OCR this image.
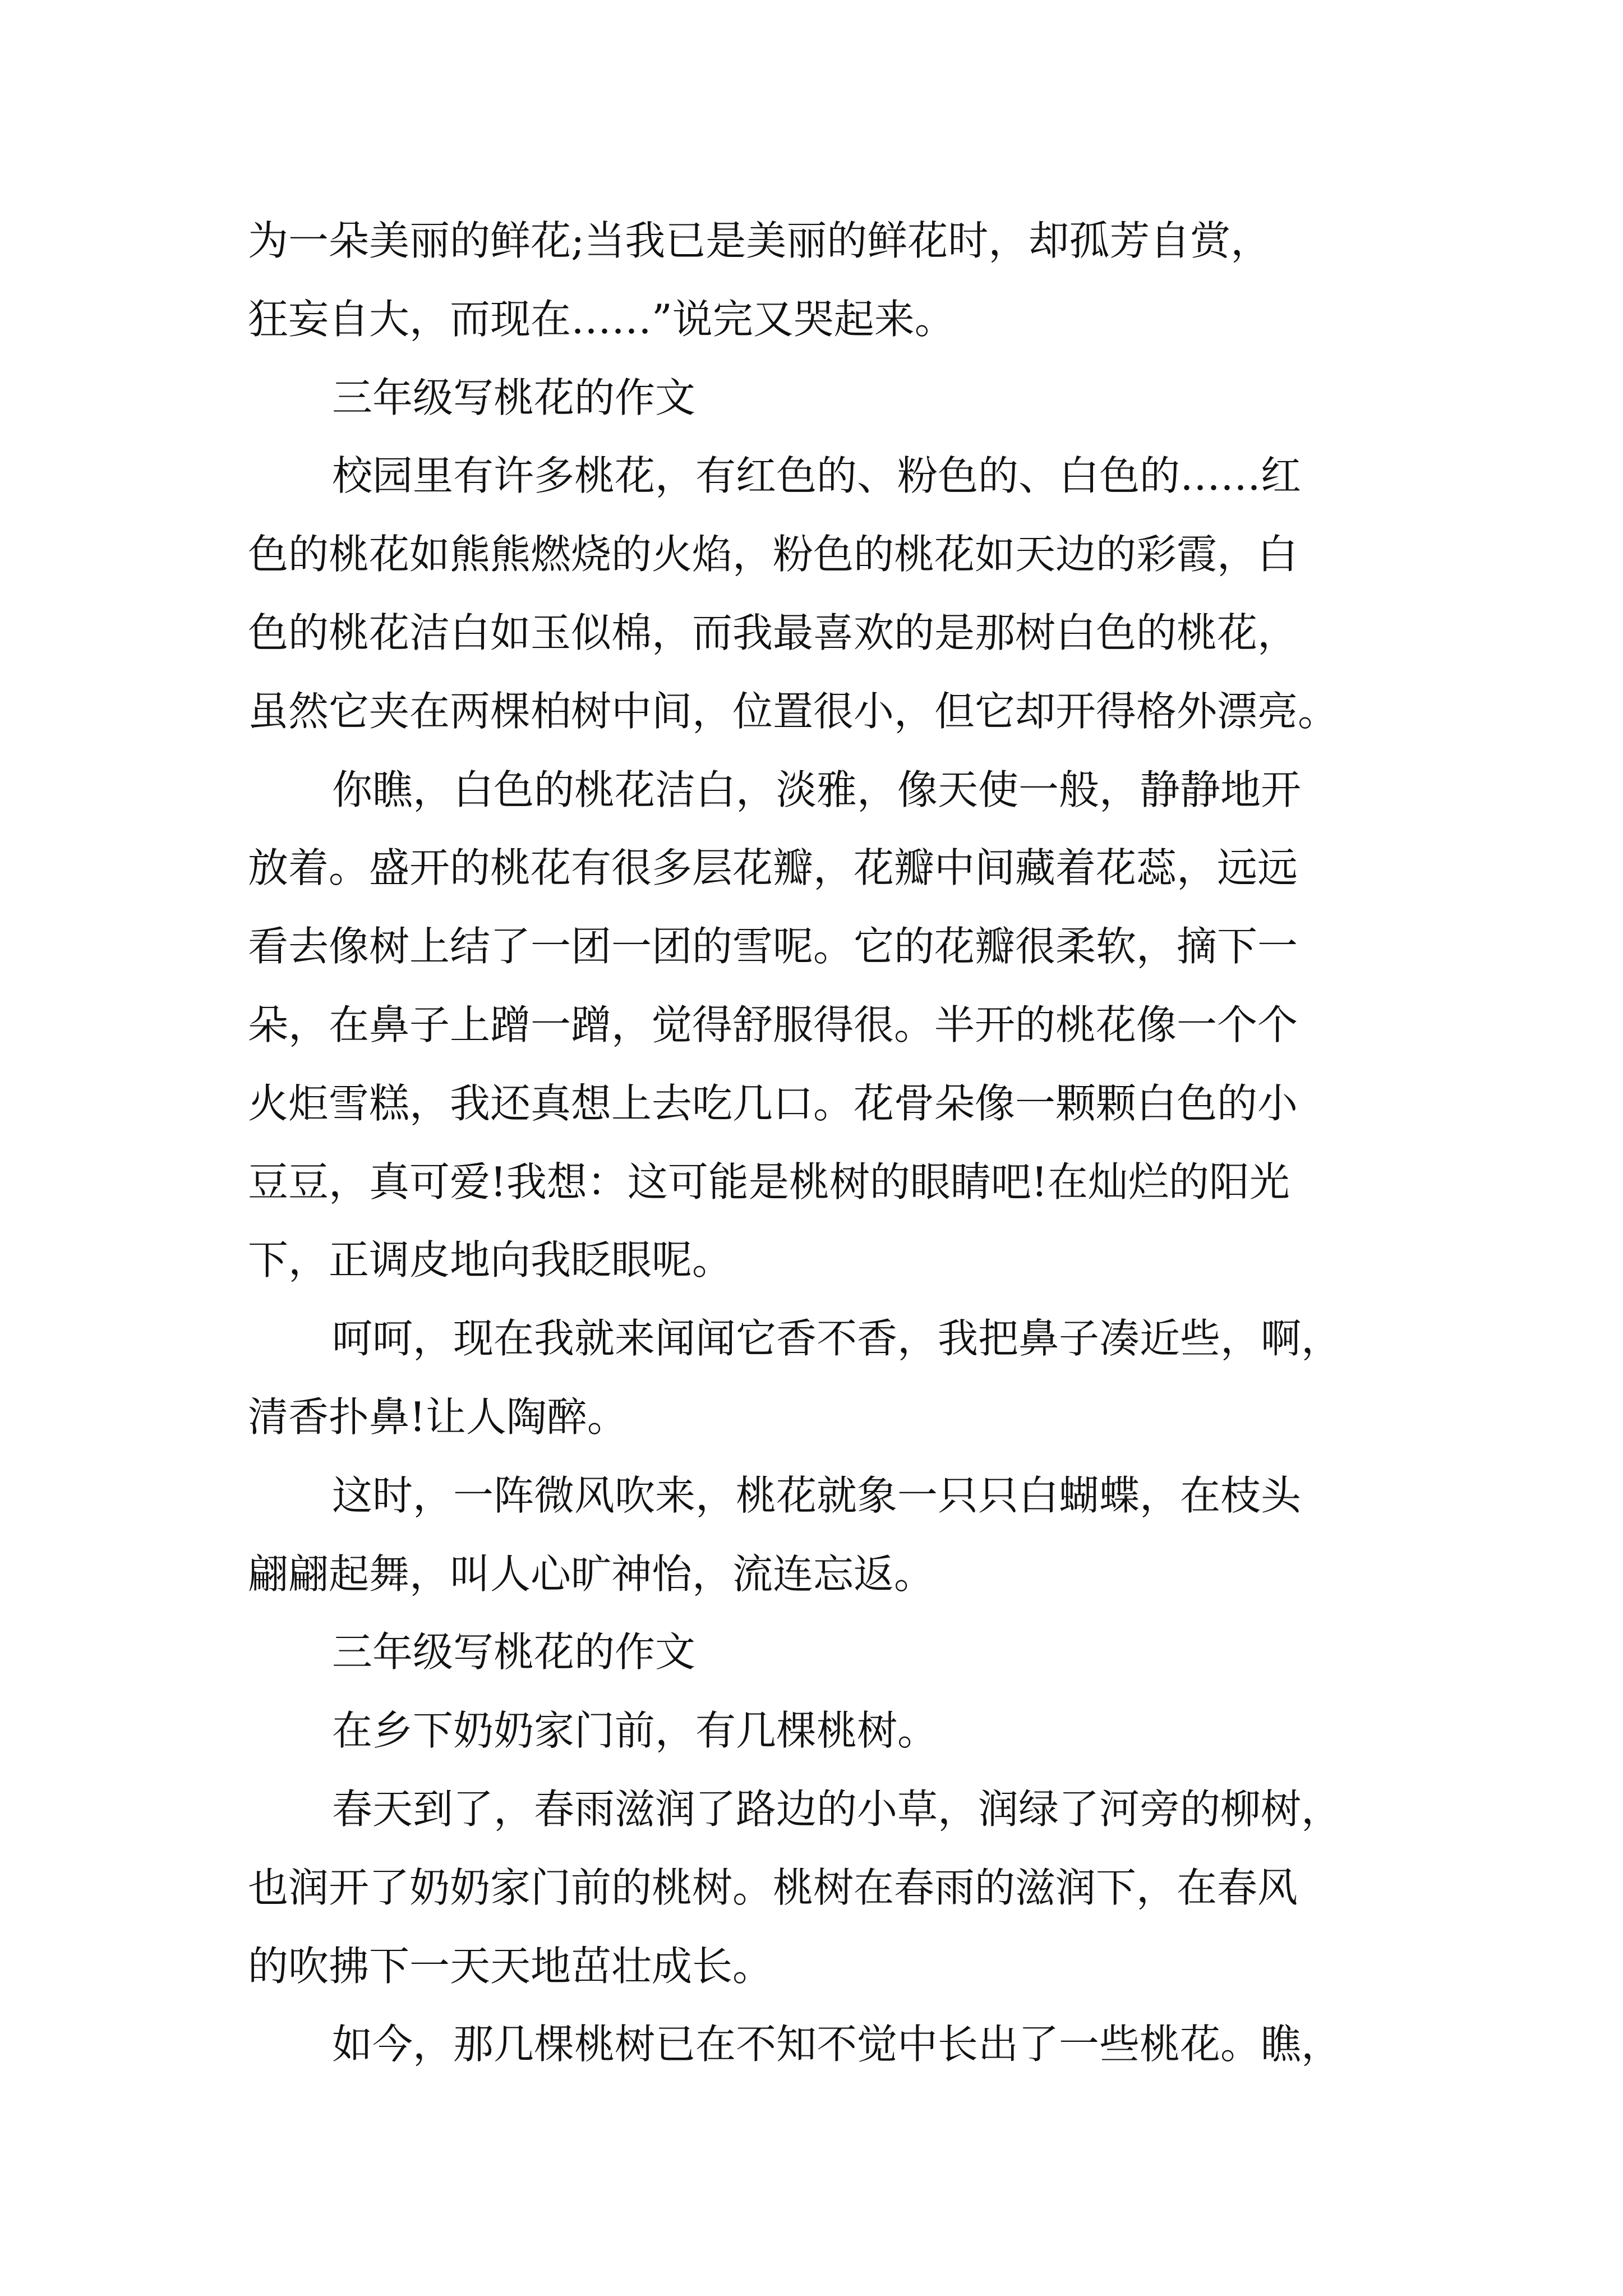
为一朵美丽的鲜花;当我已是美丽的鲜花时，却孤芳自赏，
狂妄自大，而现在……”说完又哭起来。
三年级写桃花的作文
校园里有许多桃花，有红色的、粉色的、白色的……红
色的桃花如熊熊燃烧的火焰，粉色的桃花如天边的彩霞，白
色的桃花洁白如玉似棉，而我最喜欢的是那树白色的桃花，
虽然它夹在两棵柏树中间，位置很小，但它却开得格外漂亮。
你瞧，白色的桃花洁白，淡雅，像天使一般，静静地开
放着。盛开的桃花有很多层花瓣，花瓣中间藏着花蕊，远远
看去像树上结了一团一团的雪呢。它的花瓣很柔软，摘下一
朵，在鼻子上蹭一蹭，觉得舒服得很。半开的桃花像一个个
火炬雪糕，我还真想上去吃几口。花骨朵像一颗颗白色的小
豆豆，真可爱!我想：这可能是桃树的眼睛吧!在灿烂的阳光
下，正调皮地向我眨眼呢。
呵呵，现在我就来闻闻它香不香，我把鼻子凑近些，啊，
清香扑鼻!让人陶醉。
这时，一阵微风吹来，桃花就象一只只白蝴蝶，在枝头
翩翩起舞，叫人心旷神怡，流连忘返。
三年级写桃花的作文
在乡下奶奶家门前，有几棵桃树。
春天到了，春雨滋润了路边的小草，润绿了河旁的柳树，
也润开了奶奶家门前的桃树。桃树在春雨的滋润下，在春风
的吹拂下一天天地茁壮成长。
如今，那几棵桃树已在不知不觉中长出了一些桃花。瞧，
